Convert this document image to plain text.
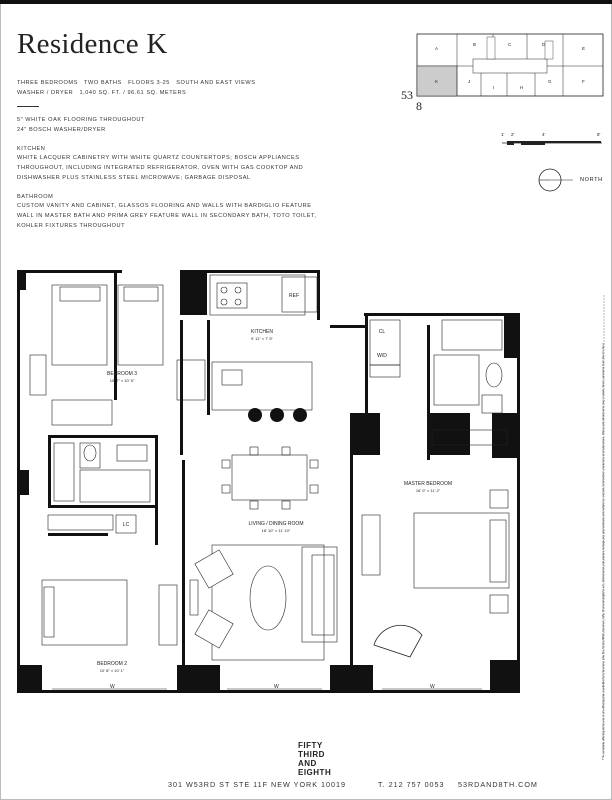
Residence K
THREE BEDROOMS   TWO BATHS   FLOORS 3-25   SOUTH AND EAST VIEWS
WASHER / DRYER   1,040 SQ. FT. / 96.61 SQ. METERS
5" WHITE OAK FLOORING THROUGHOUT
24" BOSCH WASHER/DRYER
KITCHEN
WHITE LACQUER CABINETRY WITH WHITE QUARTZ COUNTERTOPS; BOSCH APPLIANCES
THROUGHOUT, INCLUDING INTEGRATED REFRIGERATOR, OVEN WITH GAS COOKTOP AND
DISHWASHER PLUS STAINLESS STEEL MICROWAVE; GARBAGE DISPOSAL
BATHROOM
CUSTOM VANITY AND CABINET, GLASSOS FLOORING AND WALLS WITH BARDIGLIO FEATURE
WALL IN MASTER BATH AND PRIMA GREY FEATURE WALL IN SECONDARY BATH, TOTO TOILET,
KOHLER FIXTURES THROUGHOUT
A
B	C	D
E
K	J
I	H
G	F
53
8
1' 2'	4'	8'
NORTH
W	W	W
KITCHEN
9' 11" × 7' 5"
REF
BEDROOM 3
10' 7" × 10' 5"
LC
BEDROOM 2
10' 8" × 10' 1"
LIVING / DINING ROOM
18' 10" × 11' 10"
CL
W/D
MASTER BEDROOM
16' 0" × 11' 2"
FIFTY
THIRD
AND
EIGHTH
301 W53RD ST STE 11F NEW YORK 10019	T. 212 757 0053 53RDAND8TH.COM
The complete offering terms are in an offering plan available from Sponsor. File No. CD12-0089. Sponsor: Fifty Third and Eighth LLC. Dimensions and square footage are approximate and subject to normal construction variances and tolerances. Plans and dimensions may contain minor variations from floor to floor.
